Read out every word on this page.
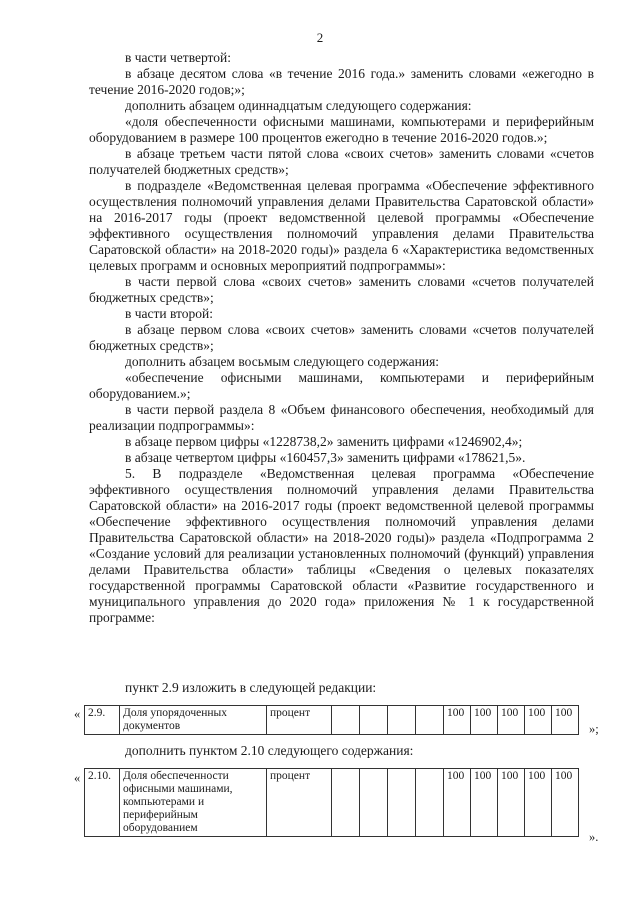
2

в части четвертой:

в абзаце десятом слова «в течение 2016 года.» заменить словами «ежегодно в течение 2016-2020 годов;»;

дополнить абзацем одиннадцатым следующего содержания:

«доля обеспеченности офисными машинами, компьютерами и периферийным оборудованием в размере 100 процентов ежегодно в течение 2016-2020 годов.»;

в абзаце третьем части пятой слова «своих счетов» заменить словами «счетов получателей бюджетных средств»;

в подразделе «Ведомственная целевая программа «Обеспечение эффективного осуществления полномочий управления делами Правительства Саратовской области» на 2016-2017 годы (проект ведомственной целевой программы «Обеспечение эффективного осуществления полномочий управления делами Правительства Саратовской области» на 2018-2020 годы)» раздела 6 «Характеристика ведомственных целевых программ и основных мероприятий подпрограммы»:

в части первой слова «своих счетов» заменить словами «счетов получателей бюджетных средств»;

в части второй:

в абзаце первом слова «своих счетов» заменить словами «счетов получателей бюджетных средств»;

дополнить абзацем восьмым следующего содержания:

«обеспечение офисными машинами, компьютерами и периферийным оборудованием.»;

в части первой раздела 8 «Объем финансового обеспечения, необходимый для реализации подпрограммы»:

в абзаце первом цифры «1228738,2» заменить цифрами «1246902,4»;

в абзаце четвертом цифры «160457,3» заменить цифрами «178621,5».

5. В подразделе «Ведомственная целевая программа «Обеспечение эффективного осуществления полномочий управления делами Правительства Саратовской области» на 2016-2017 годы (проект ведомственной целевой программы «Обеспечение эффективного осуществления полномочий управления делами Правительства Саратовской области» на 2018-2020 годы)» раздела «Подпрограмма 2 «Создание условий для реализации установленных полномочий (функций) управления делами Правительства области» таблицы «Сведения о целевых показателях государственной программы Саратовской области «Развитие государственного и муниципального управления до 2020 года» приложения № 1 к государственной программе:

пункт 2.9 изложить в следующей редакции:
« 2.9.	Доля упорядоченных документов	процент					100	100	100	100	100
»;
дополнить пунктом 2.10 следующего содержания:
« 2.10.	Доля обеспеченности офисными машинами, компьютерами и периферийным оборудованием	процент					100	100	100	100	100
».
